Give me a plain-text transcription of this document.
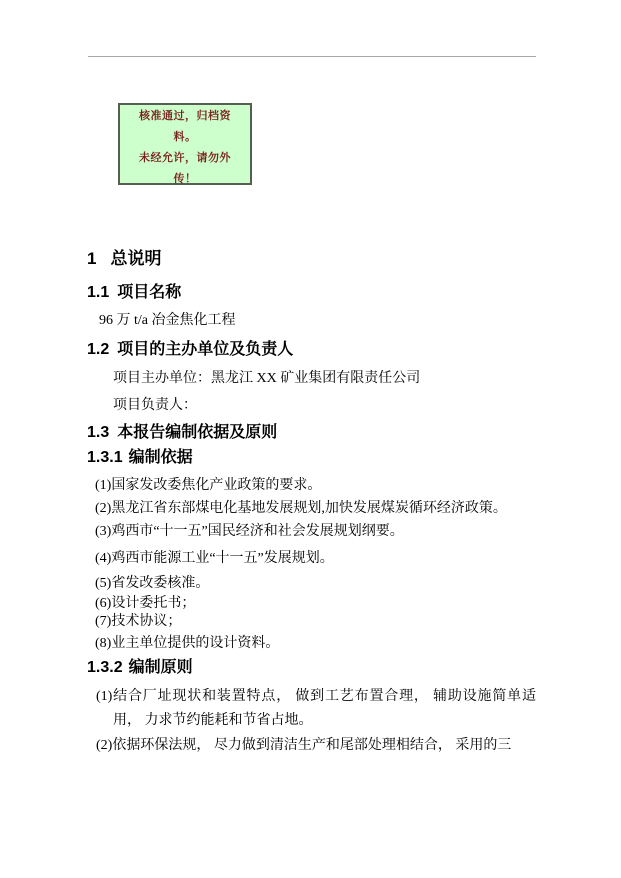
核准通过，归档资
料。
未经允许，请勿外
传！
1 总说明
1.1 项目名称
96 万 t/a 冶金焦化工程
1.2 项目的主办单位及负责人
项目主办单位：黑龙江 XX 矿业集团有限责任公司
项目负责人：
1.3 本报告编制依据及原则
1.3.1 编制依据
(1)国家发改委焦化产业政策的要求。
(2)黑龙江省东部煤电化基地发展规划,加快发展煤炭循环经济政策。
(3)鸡西市“十一五”国民经济和社会发展规划纲要。
(4)鸡西市能源工业“十一五”发展规划。
(5)省发改委核准。
(6)设计委托书；
(7)技术协议；
(8)业主单位提供的设计资料。
1.3.2 编制原则
(1)结合厂址现状和装置特点， 做到工艺布置合理， 辅助设施简单适用， 力求节约能耗和节省占地。
(2)依据环保法规， 尽力做到清洁生产和尾部处理相结合， 采用的三
